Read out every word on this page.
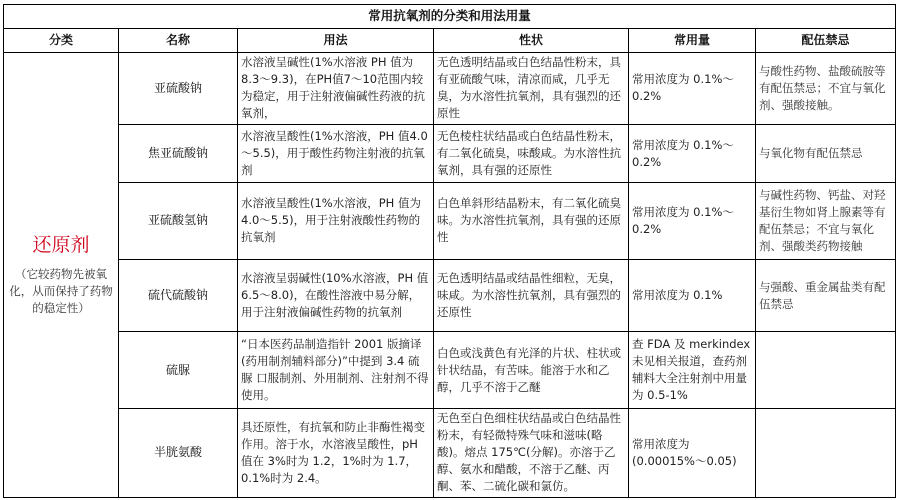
常用抗氧剂的分类和用法用量					
分类	名称	用法	性状	常用量	配伍禁忌

还原剂
（它较药物先被氧化，从而保持了药物的稳定性）	亚硫酸钠	水溶液呈碱性(1%水溶液 PH 值为8.3～9.3)，在PH值7～10范围内较为稳定，用于注射液偏碱性药液的抗氧剂，	无色透明结晶或白色结晶性粉末，具有亚硫酸气味，清凉而咸，几乎无臭，为水溶性抗氧剂，具有强烈的还原性	常用浓度为 0.1%～0.2%	与酸性药物、盐酸硫胺等有配伍禁忌；不宜与氧化剂、强酸接触。
	焦亚硫酸钠	水溶液呈酸性(1%水溶液，PH 值4.0～5.5)，用于酸性药物注射液的抗氧剂	无色棱柱状结晶或白色结晶性粉末，有二氧化硫臭，味酸咸。为水溶性抗氧剂，具有强的还原性	常用浓度为 0.1%～0.2%	与氧化物有配伍禁忌
	亚硫酸氢钠	水溶液呈酸性(1%水溶液，PH 值为4.0～5.5)，用于注射液酸性药物的抗氧剂	白色单斜形结晶粉末，有二氧化硫臭味。为水溶性抗氧剂，具有强的还原性	常用浓度为 0.1%～0.2%	与碱性药物、钙盐、对羟基衍生物如肾上腺素等有配伍禁忌；不宜与氧化剂、强酸类药物接触
	硫代硫酸钠	水溶液呈弱碱性(10%水溶液，PH 值 6.5～8.0)，在酸性溶液中易分解，用于注射液偏碱性药物的抗氧剂	无色透明结晶或结晶性细粒，无臭，味咸。为水溶性抗氧剂，具有强烈的还原性	常用浓度为 0.1%	与强酸、重金属盐类有配伍禁忌
	硫脲	“日本医药品制造指针 2001 版摘译(药用制剂辅料部分)”中提到 3.4 硫脲 口服制剂、外用制剂、注射剂不得使用。	白色或浅黄色有光泽的片状、柱状或针状结晶，有苦味。能溶于水和乙醇，几乎不溶于乙醚	查 FDA 及 merkindex 未见相关报道，查药剂辅料大全注射剂中用量为 0.5-1%	
	半胱氨酸	具还原性，有抗氧和防止非酶性褐变作用。溶于水，水溶液呈酸性，pH 值在 3%时为 1.2，1%时为 1.7，0.1%时为 2.4。	无色至白色细柱状结晶或白色结晶性粉末，有轻微特殊气味和滋味(略酸)。熔点 175℃(分解)。亦溶于乙醇、氨水和醋酸，不溶于乙醚、丙酮、苯、二硫化碳和氯仿。	常用浓度为(0.00015%～0.05)	
